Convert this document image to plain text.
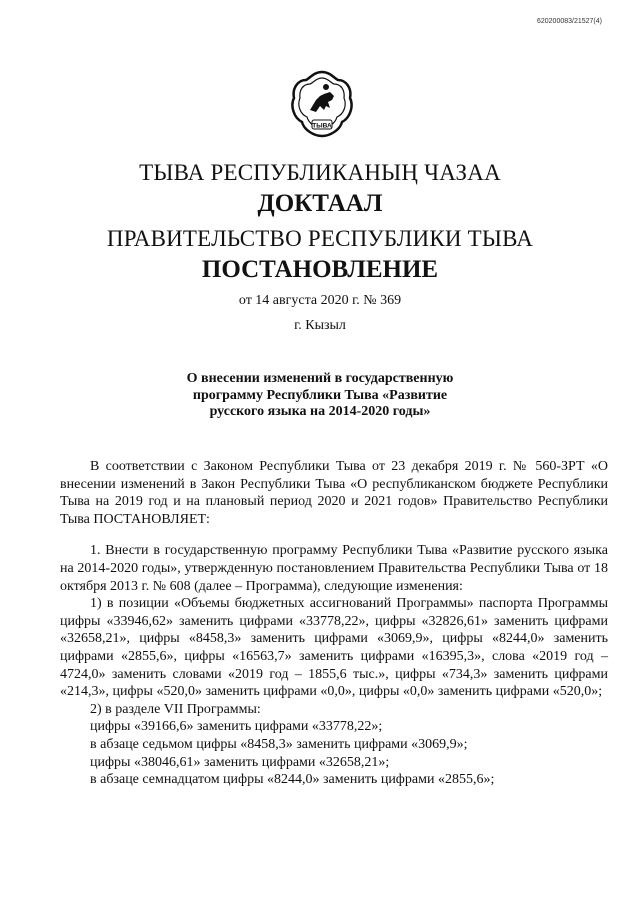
620200083/21527(4)
ТЫВА
ТЫВА РЕСПУБЛИКАНЫҢ ЧАЗАА
ДОКТААЛ
ПРАВИТЕЛЬСТВО РЕСПУБЛИКИ ТЫВА
ПОСТАНОВЛЕНИЕ
от 14 августа 2020 г. № 369
г. Кызыл
О внесении изменений в государственную программу Республики Тыва «Развитие русского языка на 2014-2020 годы»

В соответствии с Законом Республики Тыва от 23 декабря 2019 г. № 560-ЗРТ «О внесении изменений в Закон Республики Тыва «О республиканском бюджете Республики Тыва на 2019 год и на плановый период 2020 и 2021 годов» Правительство Республики Тыва ПОСТАНОВЛЯЕТ:

1. Внести в государственную программу Республики Тыва «Развитие русского языка на 2014-2020 годы», утвержденную постановлением Правительства Республики Тыва от 18 октября 2013 г. № 608 (далее – Программа), следующие изменения:

1) в позиции «Объемы бюджетных ассигнований Программы» паспорта Программы цифры «33946,62» заменить цифрами «33778,22», цифры «32826,61» заменить цифрами «32658,21», цифры «8458,3» заменить цифрами «3069,9», цифры «8244,0» заменить цифрами «2855,6», цифры «16563,7» заменить цифрами «16395,3», слова «2019 год – 4724,0» заменить словами «2019 год – 1855,6 тыс.», цифры «734,3» заменить цифрами «214,3», цифры «520,0» заменить цифрами «0,0», цифры «0,0» заменить цифрами «520,0»;

2) в разделе VII Программы:

цифры «39166,6» заменить цифрами «33778,22»;

в абзаце седьмом цифры «8458,3» заменить цифрами «3069,9»;

цифры «38046,61» заменить цифрами «32658,21»;

в абзаце семнадцатом цифры «8244,0» заменить цифрами «2855,6»;
